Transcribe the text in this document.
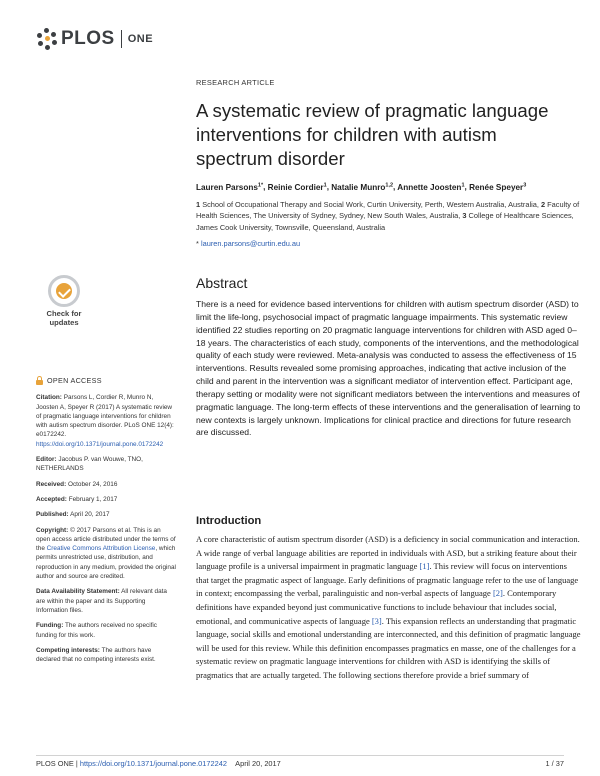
PLOS ONE
RESEARCH ARTICLE
A systematic review of pragmatic language interventions for children with autism spectrum disorder
Lauren Parsons$^{1*}$, Reinie Cordier$^1$, Natalie Munro$^{1,2}$, Annette Joosten$^1$, Renée Speyer$^3$
1 School of Occupational Therapy and Social Work, Curtin University, Perth, Western Australia, Australia, 2 Faculty of Health Sciences, The University of Sydney, Sydney, New South Wales, Australia, 3 College of Healthcare Sciences, James Cook University, Townsville, Queensland, Australia
* lauren.parsons@curtin.edu.au
Check for
updates
OPEN ACCESS
Citation: Parsons L, Cordier R, Munro N, Joosten A, Speyer R (2017) A systematic review of pragmatic language interventions for children with autism spectrum disorder. PLoS ONE 12(4): e0172242. https://doi.org/10.1371/journal.pone.0172242
Editor: Jacobus P. van Wouwe, TNO, NETHERLANDS
Received: October 24, 2016
Accepted: February 1, 2017
Published: April 20, 2017
Copyright: © 2017 Parsons et al. This is an open access article distributed under the terms of the Creative Commons Attribution License, which permits unrestricted use, distribution, and reproduction in any medium, provided the original author and source are credited.
Data Availability Statement: All relevant data are within the paper and its Supporting Information files.
Funding: The authors received no specific funding for this work.
Competing interests: The authors have declared that no competing interests exist.
Abstract

There is a need for evidence based interventions for children with autism spectrum disorder (ASD) to limit the life-long, psychosocial impact of pragmatic language impairments. This systematic review identified 22 studies reporting on 20 pragmatic language interventions for children with ASD aged 0–18 years. The characteristics of each study, components of the interventions, and the methodological quality of each study were reviewed. Meta-analysis was conducted to assess the effectiveness of 15 interventions. Results revealed some promising approaches, indicating that active inclusion of the child and parent in the intervention was a significant mediator of intervention effect. Participant age, therapy setting or modality were not significant mediators between the interventions and measures of pragmatic language. The long-term effects of these interventions and the generalisation of learning to new contexts is largely unknown. Implications for clinical practice and directions for future research are discussed.

Introduction

A core characteristic of autism spectrum disorder (ASD) is a deficiency in social communication and interaction. A wide range of verbal language abilities are reported in individuals with ASD, but a striking feature about their language profile is a universal impairment in pragmatic language [1]. This review will focus on interventions that target the pragmatic aspect of language. Early definitions of pragmatic language refer to the use of language in context; encompassing the verbal, paralinguistic and non-verbal aspects of language [2]. Contemporary definitions have expanded beyond just communicative functions to include behaviour that includes social, emotional, and communicative aspects of language [3]. This expansion reflects an understanding that pragmatic language, social skills and emotional understanding are interconnected, and this definition of pragmatic language will be used for this review. While this definition encompasses pragmatics en masse, one of the challenges for a systematic review on pragmatic language interventions for children with ASD is identifying the skills of pragmatics that are actually targeted. The following sections therefore provide a brief summary of

PLOS ONE | https://doi.org/10.1371/journal.pone.0172242 April 20, 2017	1 / 37
